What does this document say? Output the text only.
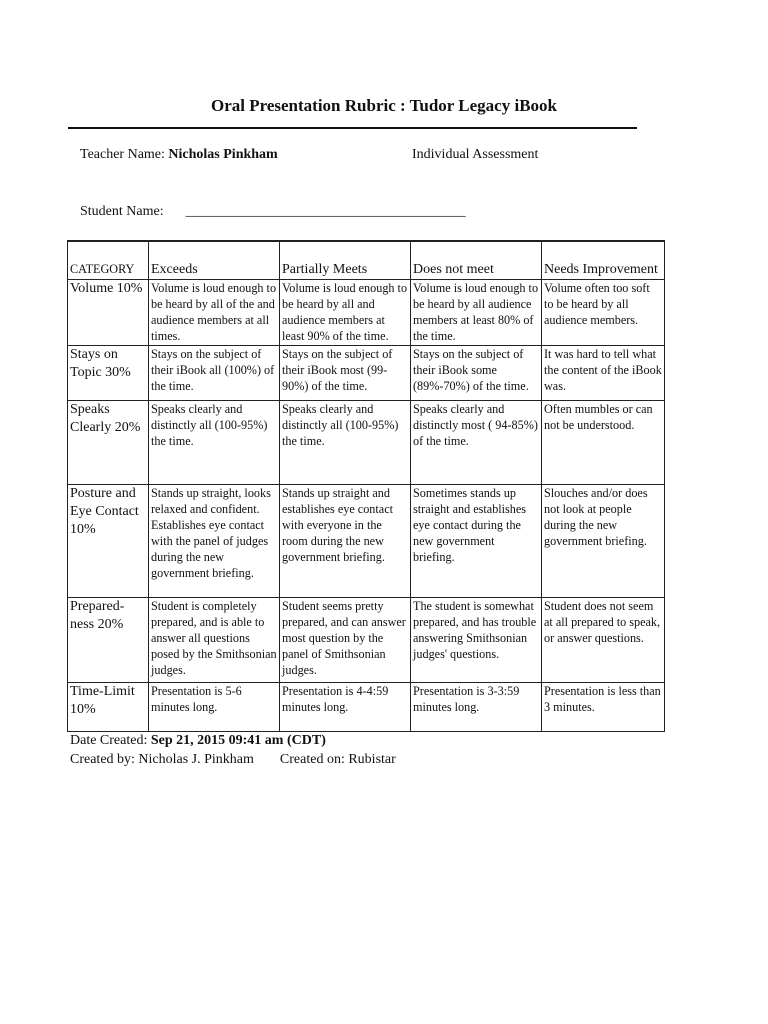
Oral Presentation Rubric : Tudor Legacy iBook
Teacher Name: Nicholas Pinkham	Individual Assessment
Student Name: ________________________________________
CATEGORY	Exceeds	Partially Meets	Does not meet	Needs Improvement
Volume 10%	Volume is loud enough to be heard by all of the and audience members at all times.	Volume is loud enough to be heard by all and audience members at least 90% of the time.	Volume is loud enough to be heard by all audience members at least 80% of the time.	Volume often too soft to be heard by all audience members.
Stays on Topic 30%	Stays on the subject of their iBook all (100%) of the time.	Stays on the subject of their iBook most (99-90%) of the time.	Stays on the subject of their iBook some (89%-70%) of the time.	It was hard to tell what the content of the iBook was.
Speaks Clearly 20%	Speaks clearly and distinctly all (100-95%) the time.	Speaks clearly and distinctly all (100-95%) the time.	Speaks clearly and distinctly most ( 94-85%) of the time.	Often mumbles or can not be understood.
Posture and Eye Contact 10%	Stands up straight, looks relaxed and confident. Establishes eye contact with the panel of judges during the new government briefing.	Stands up straight and establishes eye contact with everyone in the room during the new government briefing.	Sometimes stands up straight and establishes eye contact during the new government briefing.	Slouches and/or does not look at people during the new government briefing.
Prepared-ness 20%	Student is completely prepared, and is able to answer all questions posed by the Smithsonian judges.	Student seems pretty prepared, and can answer most question by the panel of Smithsonian judges.	The student is somewhat prepared, and has trouble answering Smithsonian judges' questions.	Student does not seem at all prepared to speak, or answer questions.
Time-Limit 10%	Presentation is 5-6 minutes long.	Presentation is 4-4:59 minutes long.	Presentation is 3-3:59 minutes long.	Presentation is less than 3 minutes.
Date Created: Sep 21, 2015 09:41 am (CDT)
Created by: Nicholas J. Pinkham Created on: Rubistar
